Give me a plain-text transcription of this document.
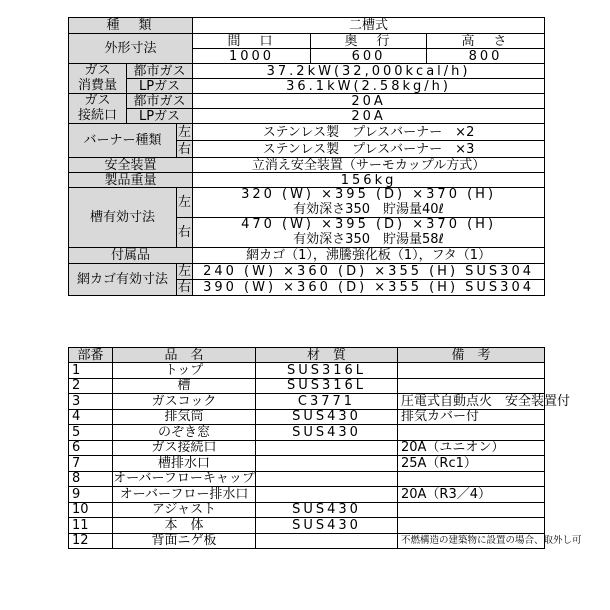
種　類			二槽式		
外形寸法			間　口	奥　行	高　さ
			1000	600	800
ガス
消費量	都市ガス		37.2kW(32,000kcal/h)		
	LPガス		36.1kW(2.58kg/h)		
ガス
接続口	都市ガス		20A		
	LPガス		20A		
バーナー種類		左	ステンレス製　プレスバーナー　×2		
		右	ステンレス製　プレスバーナー　×3		
安全装置			立消え安全装置（サーモカップル方式）		
製品重量			156kg		
槽有効寸法		左	320 (W) ×395 (D) ×370 (H)
有効深さ350　貯湯量40ℓ		

		右	470 (W) ×395 (D) ×370 (H)
有効深さ350　貯湯量58ℓ		

付属品			網カゴ（1），沸騰強化板（1），フタ（1）		
網カゴ有効寸法		左	240 (W) ×360 (D) ×355 (H) SUS304		
		右	390 (W) ×360 (D) ×355 (H) SUS304		
部番	品　名	材　質	備　考
1	トップ	SUS316L	
2	槽	SUS316L	
3	ガスコック	C3771	圧電式自動点火　安全装置付
4	排気筒	SUS430	排気カバー付
5	のぞき窓	SUS430	
6	ガス接続口		20A（ユニオン）
7	槽排水口		25A（Rc1）
8	オーバーフローキャップ		
9	オーバーフロー排水口		20A（R3／4）
10	アジャスト	SUS430	
11	本　体	SUS430	
12	背面ニゲ板		不燃構造の建築物に設置の場合、取外し可
